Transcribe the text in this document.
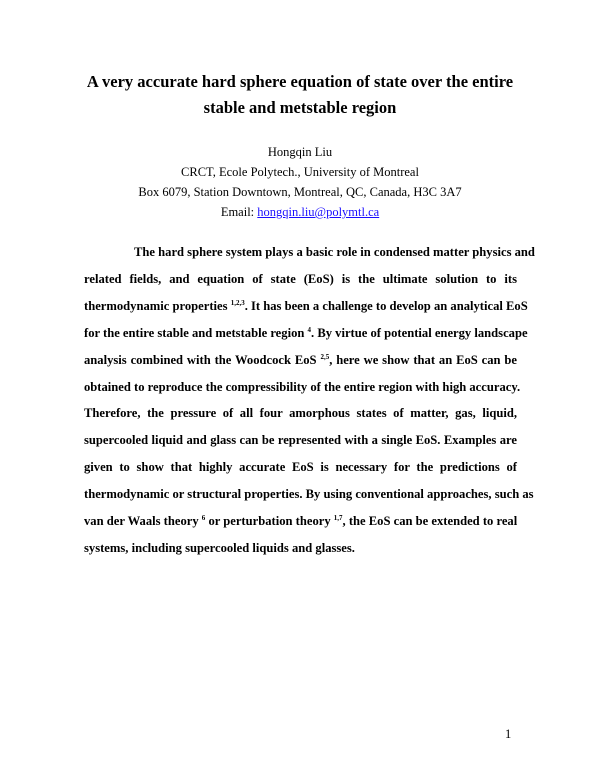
A very accurate hard sphere equation of state over the entire
stable and metstable region
Hongqin Liu
CRCT, Ecole Polytech., University of Montreal
Box 6079, Station Downtown, Montreal, QC, Canada, H3C 3A7
Email: hongqin.liu@polymtl.ca
The hard sphere system plays a basic role in condensed matter physics and
related fields, and equation of state (EoS) is the ultimate solution to its
thermodynamic properties $^{1,2,3}$. It has been a challenge to develop an analytical EoS
for the entire stable and metstable region $^4$. By virtue of potential energy landscape
analysis combined with the Woodcock EoS $^{2,5}$, here we show that an EoS can be
obtained to reproduce the compressibility of the entire region with high accuracy.
Therefore, the pressure of all four amorphous states of matter, gas, liquid,
supercooled liquid and glass can be represented with a single EoS. Examples are
given to show that highly accurate EoS is necessary for the predictions of
thermodynamic or structural properties. By using conventional approaches, such as
van der Waals theory $^6$ or perturbation theory $^{1,7}$, the EoS can be extended to real
systems, including supercooled liquids and glasses.
1
